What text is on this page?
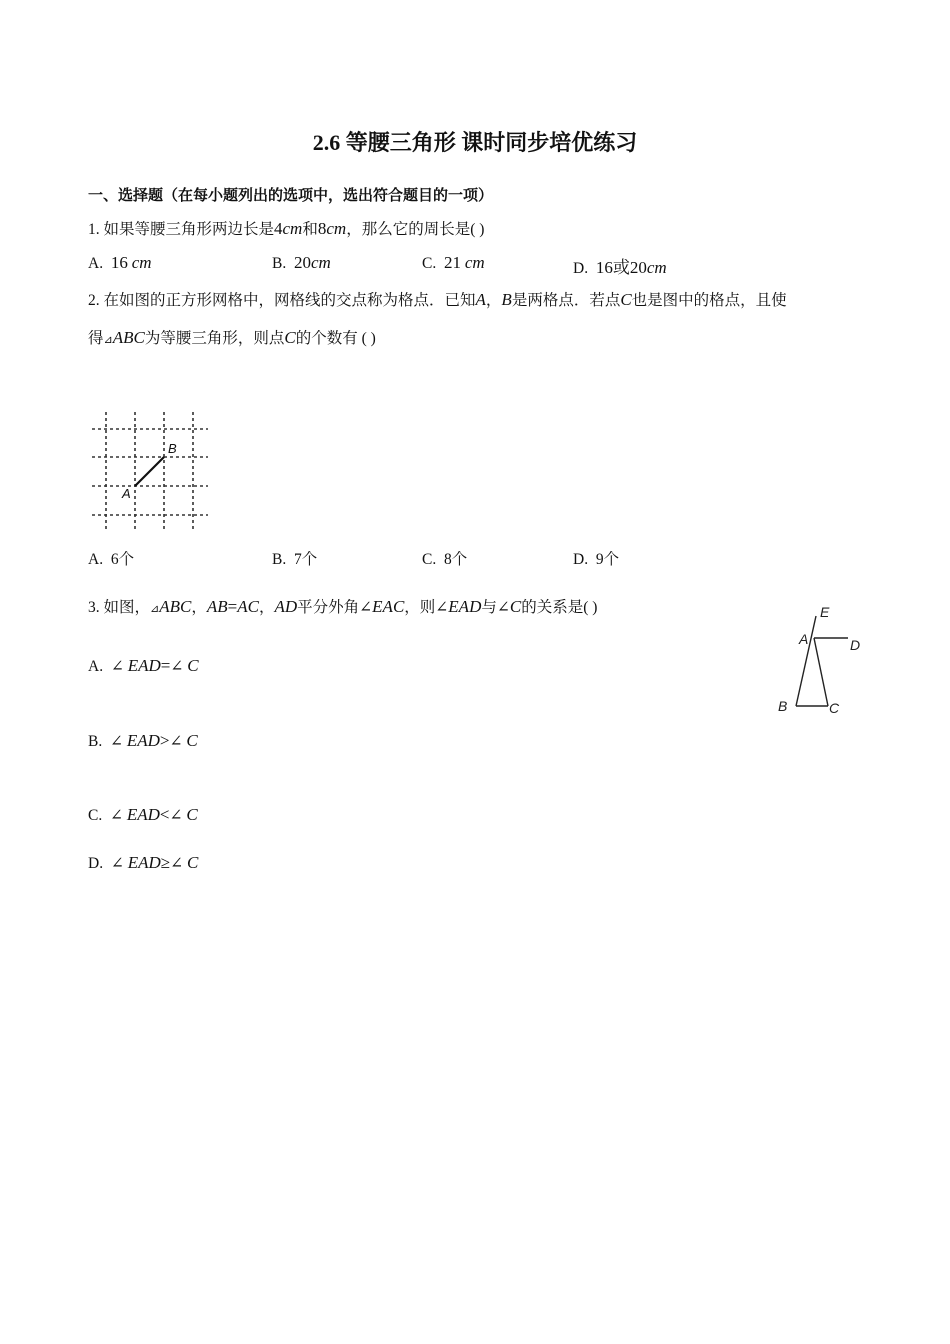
2.6 等腰三角形 课时同步培优练习
一、选择题（在每小题列出的选项中，选出符合题目的一项）
1. 如果等腰三角形两边长是4cm和8cm，那么它的周长是( )
A. 16 cm	B. 20cm	C. 21 cm	D. 16或20cm
2. 在如图的正方形网格中，网格线的交点称为格点．已知A，B是两格点．若点C也是图中的格点，且使
得⊿ABC为等腰三角形，则点C的个数有 ( )
B
A
A. 6个	B. 7个	C. 8个	D. 9个
3. 如图，⊿ABC，AB=AC，AD平分外角∠EAC，则∠EAD与∠C的关系是( )	E
A	D
B	C
A. ∠ EAD=∠ C
B. ∠ EAD>∠ C
C. ∠ EAD<∠ C
D. ∠ EAD≥∠ C
